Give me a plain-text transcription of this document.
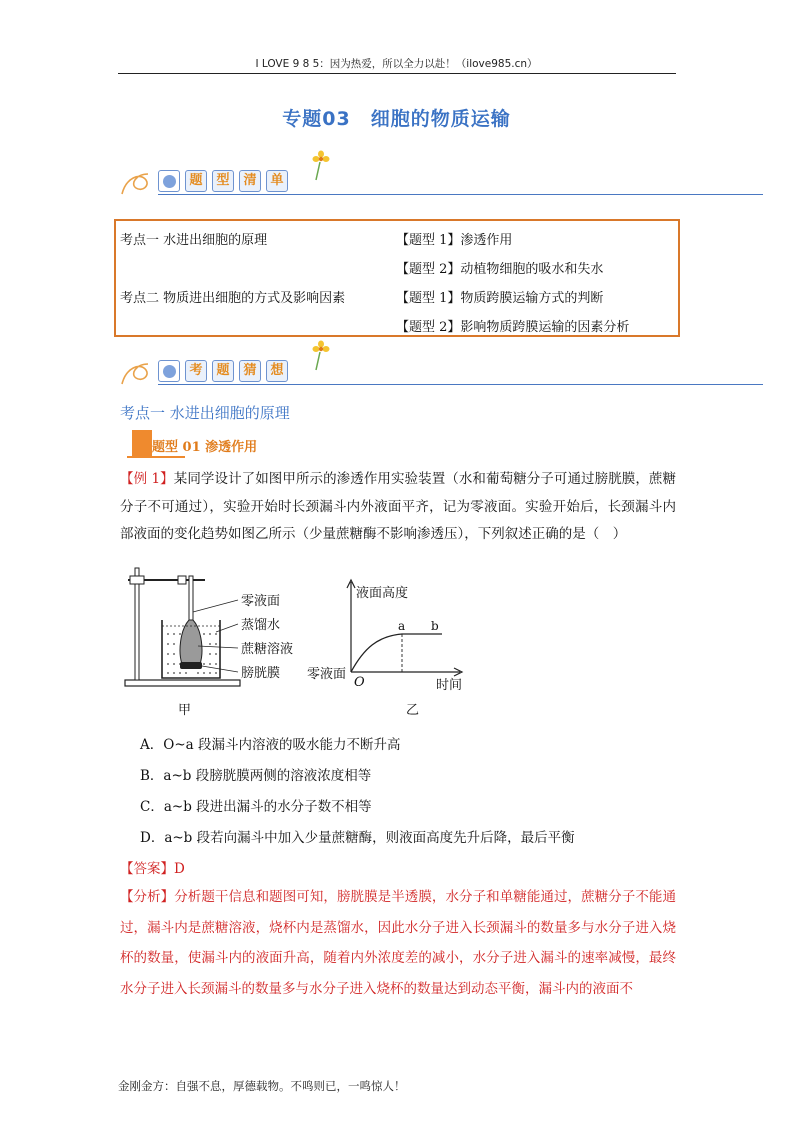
I LOVE 9 8 5：因为热爱，所以全力以赴！（ilove985.cn）
专题03　细胞的物质运输
题	型	清	单
考点一 水进出细胞的原理	【题型 1】渗透作用
【题型 2】动植物细胞的吸水和失水
考点二 物质进出细胞的方式及影响因素	【题型 1】物质跨膜运输方式的判断
【题型 2】影响物质跨膜运输的因素分析
考	题	猜	想
考点一 水进出细胞的原理
题型 01 渗透作用
【例 1】某同学设计了如图甲所示的渗透作用实验装置（水和葡萄糖分子可通过膀胱膜，蔗糖分子不可通过），实验开始时长颈漏斗内外液面平齐，记为零液面。实验开始后，长颈漏斗内部液面的变化趋势如图乙所示（少量蔗糖酶不影响渗透压），下列叙述正确的是（　）
零液面
蒸馏水
蔗糖溶液
膀胱膜
甲
液面高度
零液面
O
a b
时间
乙
A．O~a 段漏斗内溶液的吸水能力不断升高
B．a~b 段膀胱膜两侧的溶液浓度相等
C．a~b 段进出漏斗的水分子数不相等
D．a~b 段若向漏斗中加入少量蔗糖酶，则液面高度先升后降，最后平衡
【答案】D
【分析】分析题干信息和题图可知，膀胱膜是半透膜，水分子和单糖能通过，蔗糖分子不能通过，漏斗内是蔗糖溶液，烧杯内是蒸馏水，因此水分子进入长颈漏斗的数量多与水分子进入烧杯的数量，使漏斗内的液面升高，随着内外浓度差的减小，水分子进入漏斗的速率减慢，最终水分子进入长颈漏斗的数量多与水分子进入烧杯的数量达到动态平衡，漏斗内的液面不
金刚金方：自强不息，厚德载物。不鸣则已，一鸣惊人！
